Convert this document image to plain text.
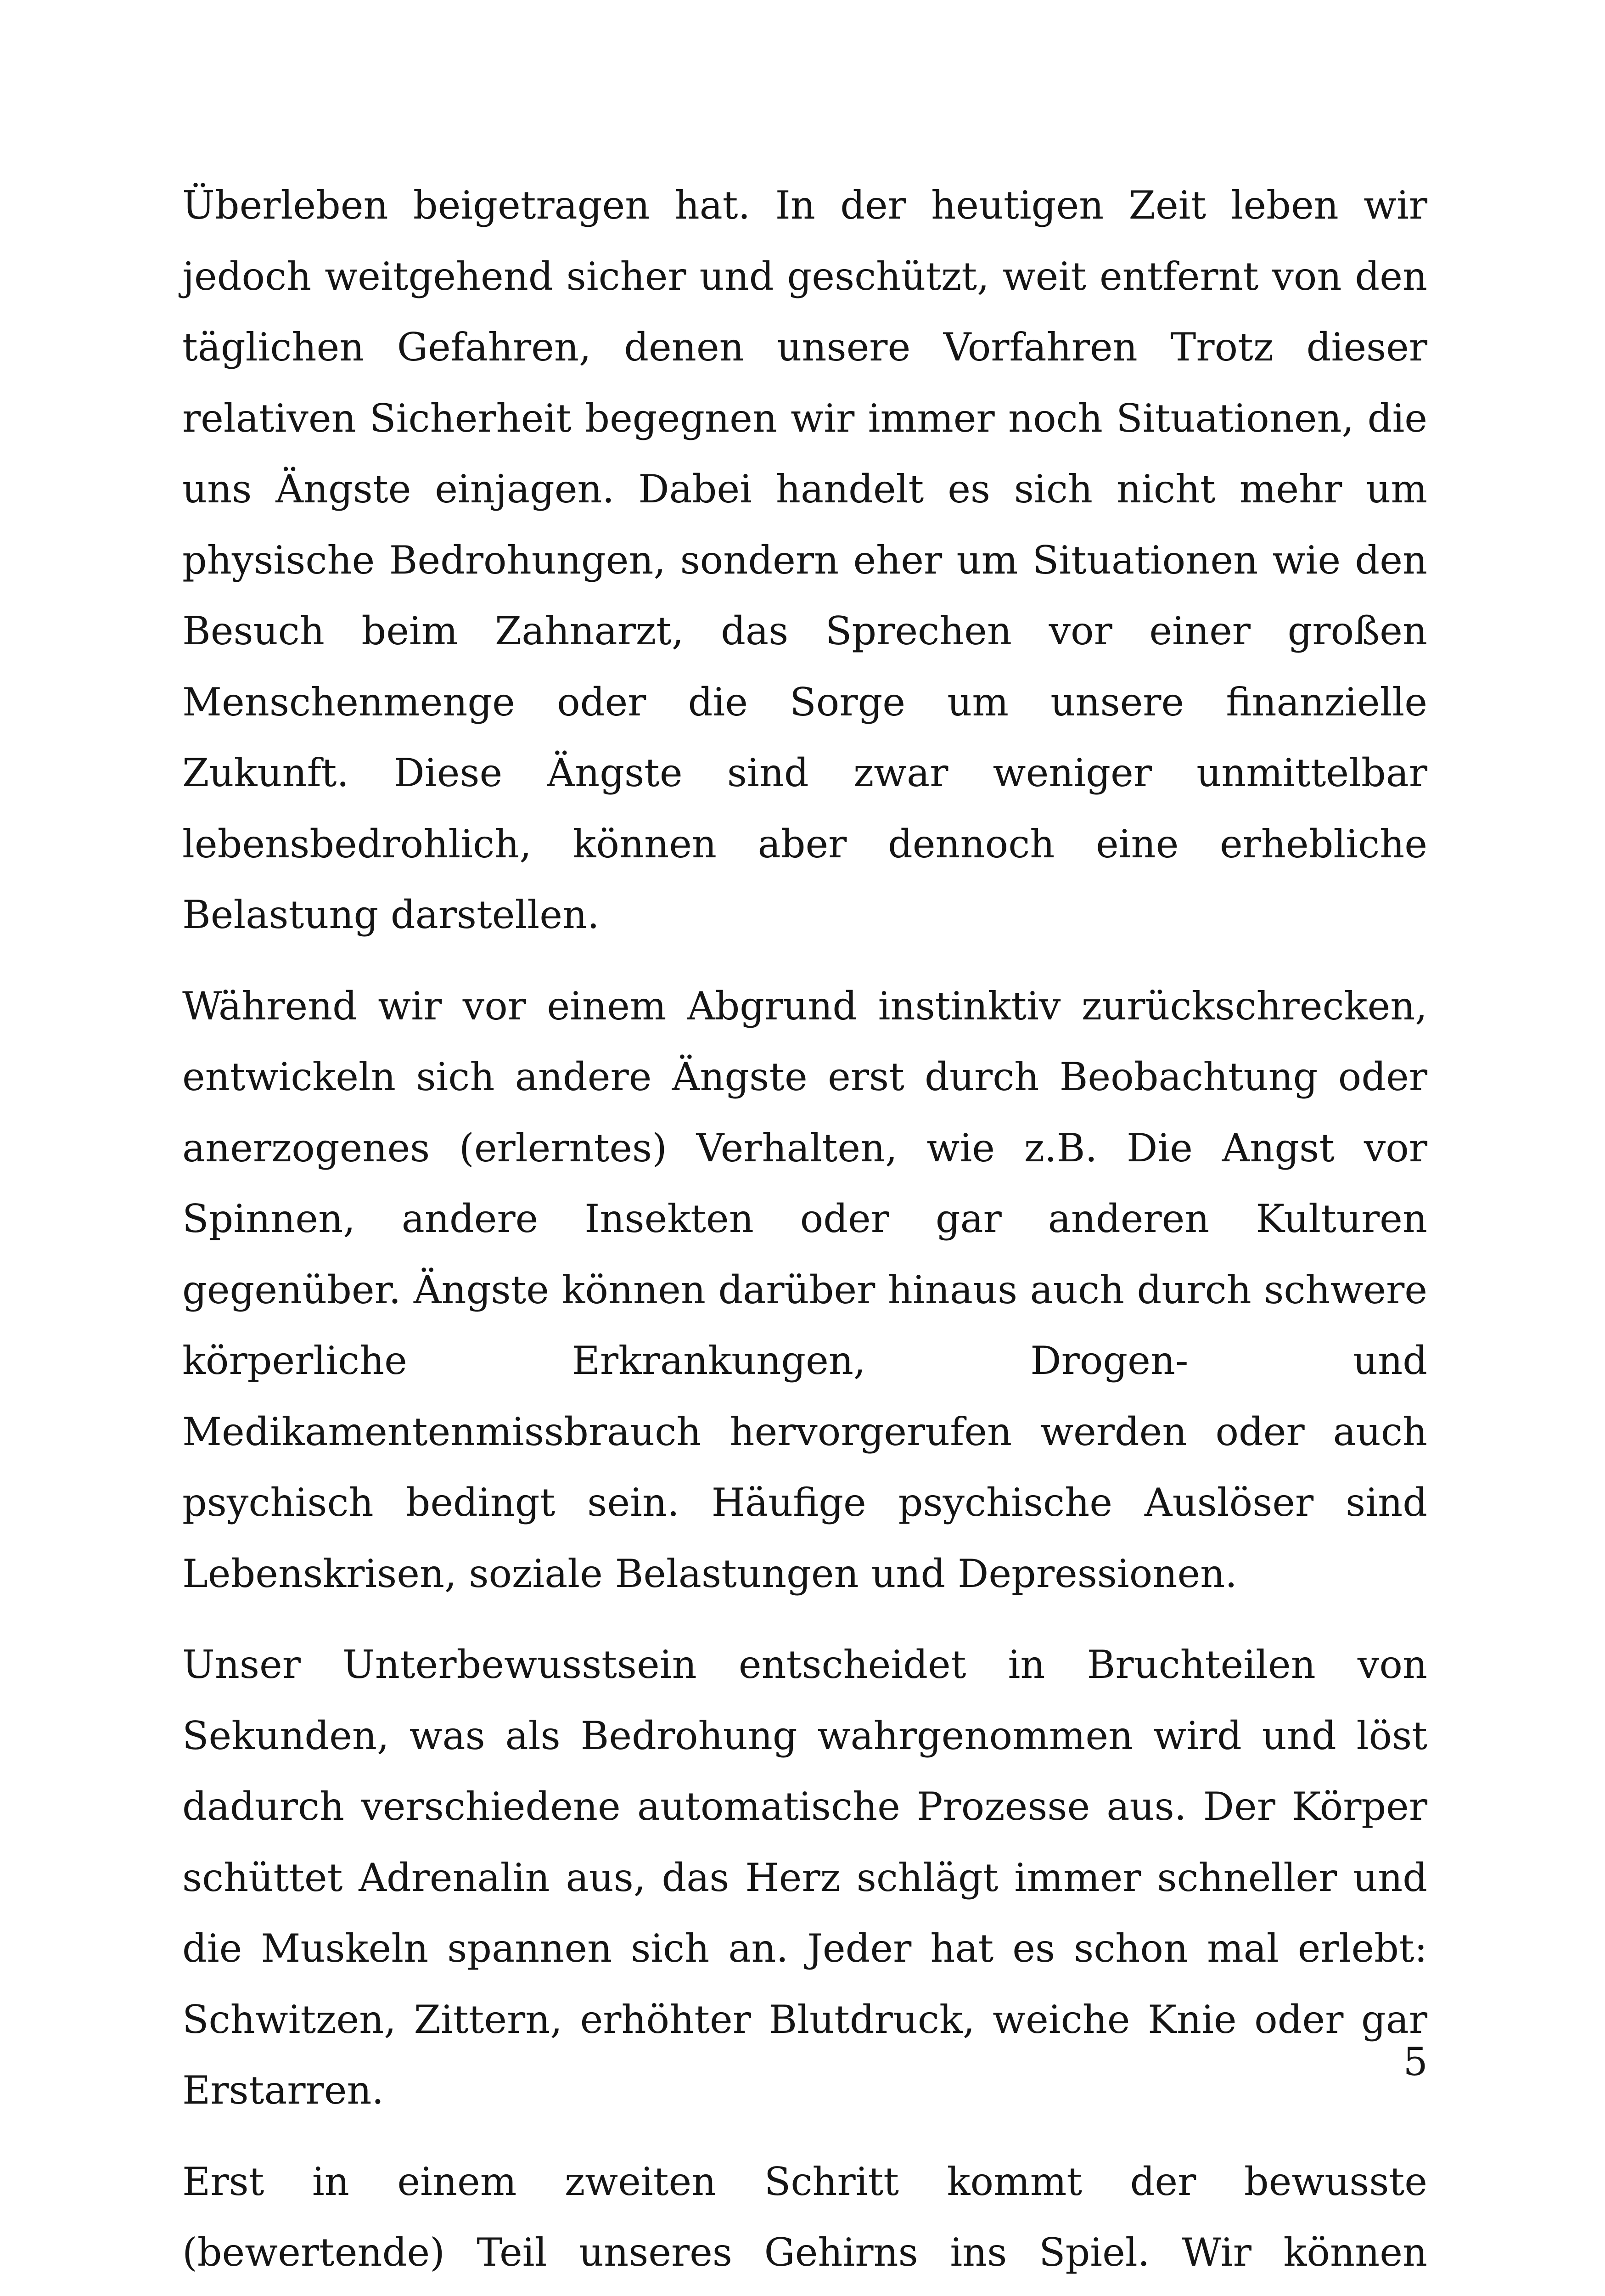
Überleben beigetragen hat. In der heutigen Zeit leben wir jedoch weitgehend sicher und geschützt, weit entfernt von den täglichen Gefahren, denen unsere Vorfahren Trotz dieser relativen Sicherheit begegnen wir immer noch Situationen, die uns Ängste einjagen. Dabei handelt es sich nicht mehr um physische Bedrohungen, sondern eher um Situationen wie den Besuch beim Zahnarzt, das Sprechen vor einer großen Menschenmenge oder die Sorge um unsere finanzielle Zukunft. Diese Ängste sind zwar weniger unmittelbar lebensbedrohlich, können aber dennoch eine erhebliche Belastung darstellen.
Während wir vor einem Abgrund instinktiv zurückschrecken, entwickeln sich andere Ängste erst durch Beobachtung oder anerzogenes (erlerntes) Verhalten, wie z.B. Die Angst vor Spinnen, andere Insekten oder gar anderen Kulturen gegenüber. Ängste können darüber hinaus auch durch schwere körperliche Erkrankungen, Drogen- und Medikamentenmissbrauch hervorgerufen werden oder auch psychisch bedingt sein. Häufige psychische Auslöser sind Lebenskrisen, soziale Belastungen und Depressionen.
Unser Unterbewusstsein entscheidet in Bruchteilen von Sekunden, was als Bedrohung wahrgenommen wird und löst dadurch verschiedene automatische Prozesse aus. Der Körper schüttet Adrenalin aus, das Herz schlägt immer schneller und die Muskeln spannen sich an. Jeder hat es schon mal erlebt: Schwitzen, Zittern, erhöhter Blutdruck, weiche Knie oder gar Erstarren.
Erst in einem zweiten Schritt kommt der bewusste (bewertende) Teil unseres Gehirns ins Spiel. Wir können
5
